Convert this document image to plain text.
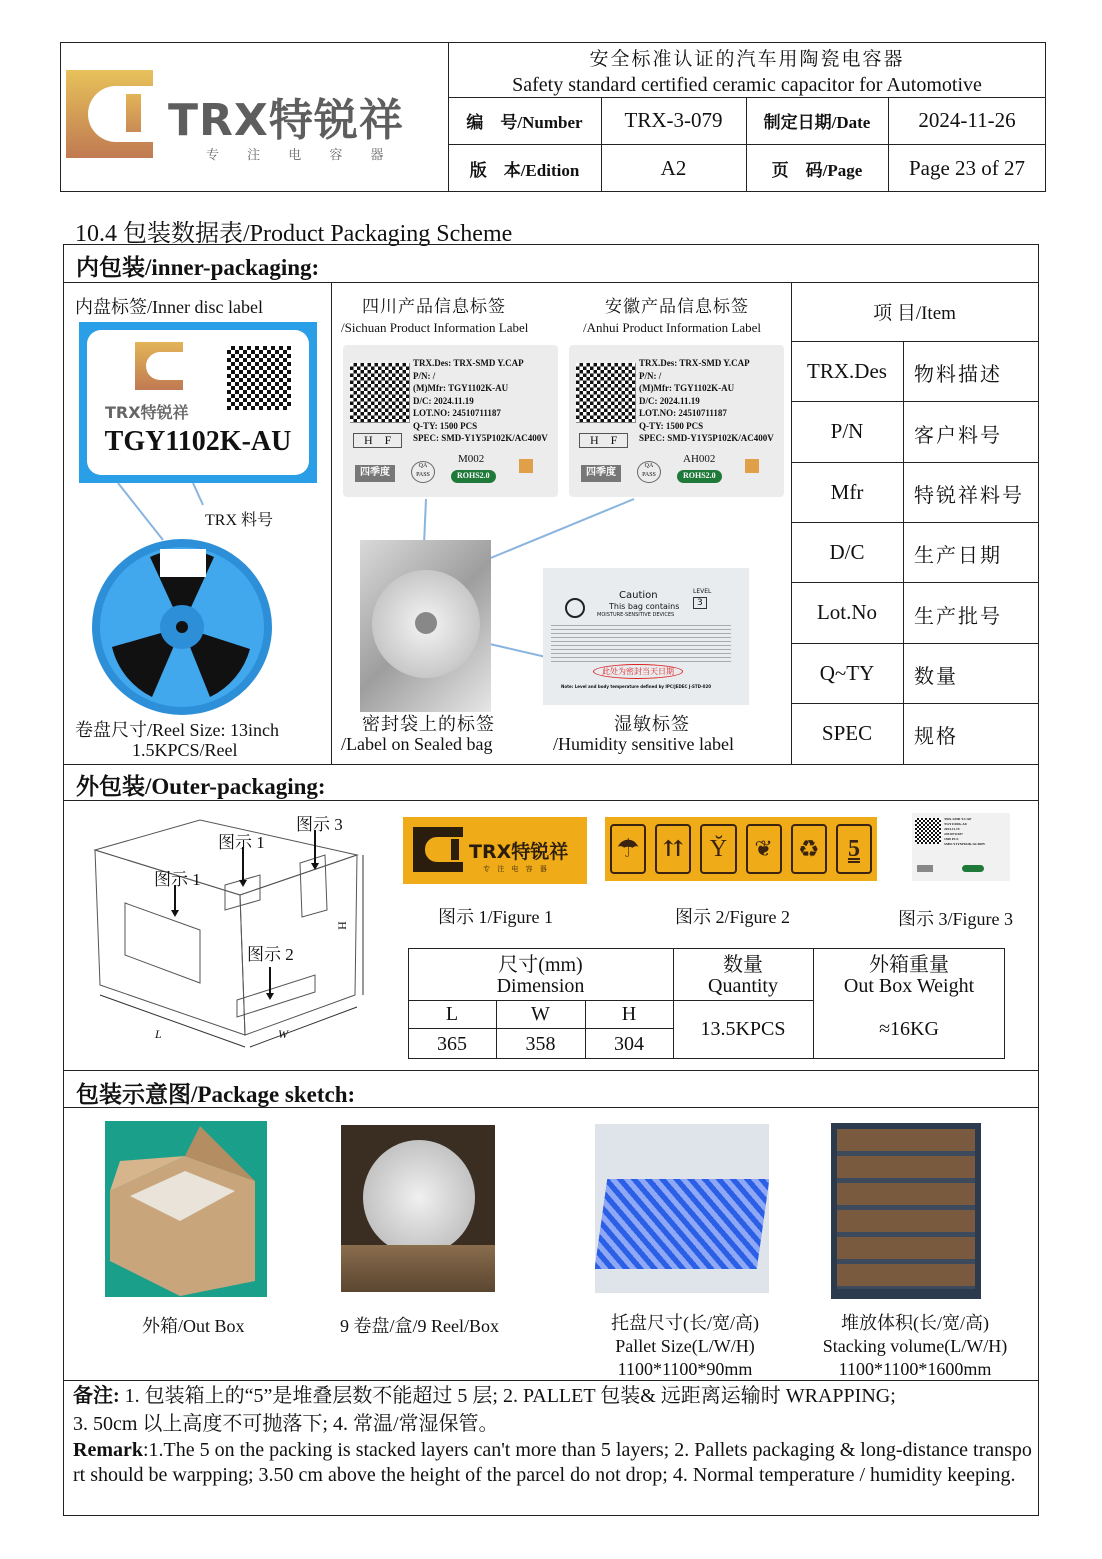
TRX特锐祥
专 注 电 容 器
安全标准认证的汽车用陶瓷电容器
Safety standard certified ceramic capacitor for Automotive
编　号/Number	TRX-3-079	制定日期/Date	2024-11-26
版　本/Edition	A2	页　码/Page	Page 23 of 27
10.4 包装数据表/Product Packaging Scheme
内包装/inner-packaging:
内盘标签/Inner disc label
TRX特锐祥
TGY1102K-AU
TRX 料号
卷盘尺寸/Reel Size: 13inch
1.5KPCS/Reel
四川产品信息标签
/Sichuan Product Information Label
安徽产品信息标签
/Anhui Product Information Label
TRX.Des: TRX-SMD Y.CAP
P/N: /
(M)Mfr: TGY1102K-AU
D/C: 2024.11.19
LOT.NO: 24510711187
Q-TY: 1500 PCS
SPEC: SMD-Y1Y5P102K/AC400V
H　F
四季度
QA PASS
M002
ROHS2.0
TRX.Des: TRX-SMD Y.CAP
P/N: /
(M)Mfr: TGY1102K-AU
D/C: 2024.11.19
LOT.NO: 24510711187
Q-TY: 1500 PCS
SPEC: SMD-Y1Y5P102K/AC400V
H　F
四季度
QA PASS
AH002
ROHS2.0
Caution
This bag contains
MOISTURE-SENSITIVE DEVICES
LEVEL
3
此处为密封当天日期
Note: Level and body temperature defined by IPC/JEDEC J-STD-020
密封袋上的标签
/Label on Sealed bag
湿敏标签
/Humidity sensitive label
项 目/Item
TRX.Des	物料描述
P/N	客户料号
Mfr	特锐祥料号
D/C	生产日期
Lot.No	生产批号
Q~TY	数量
SPEC	规格
外包装/Outer-packaging:
图示 3
图示 1
图示 1
图示 2
L	W
H
TRX特锐祥
专 注 电 容 器
☂	⇈	Ῠ	❦	♻	5
TRX-SMD Y.CAP
TGY1102K-AU
2024.11.19
24510711187
1500 PCS
SMD-Y1Y5P102K/AC400V
图示 1/Figure 1	图示 2/Figure 2	图示 3/Figure 3
尺寸(mm)
Dimension
数量
Quantity
外箱重量
Out Box Weight
L	W	H
365	358	304
13.5KPCS	≈16KG
包装示意图/Package sketch:
外箱/Out Box	9 卷盘/盒/9 Reel/Box	托盘尺寸(长/宽/高)
Pallet Size(L/W/H)
1100*1100*90mm
堆放体积(长/宽/高)
Stacking volume(L/W/H)
1100*1100*1600mm
备注: 1. 包装箱上的“5”是堆叠层数不能超过 5 层; 2. PALLET 包装& 远距离运输时 WRAPPING;
3. 50cm 以上高度不可抛落下; 4. 常温/常湿保管。
Remark:1.The 5 on the packing is stacked layers can't more than 5 layers; 2. Pallets packaging & long-distance transport should be warpping; 3.50 cm above the height of the parcel do not drop; 4. Normal temperature / humidity keeping.
